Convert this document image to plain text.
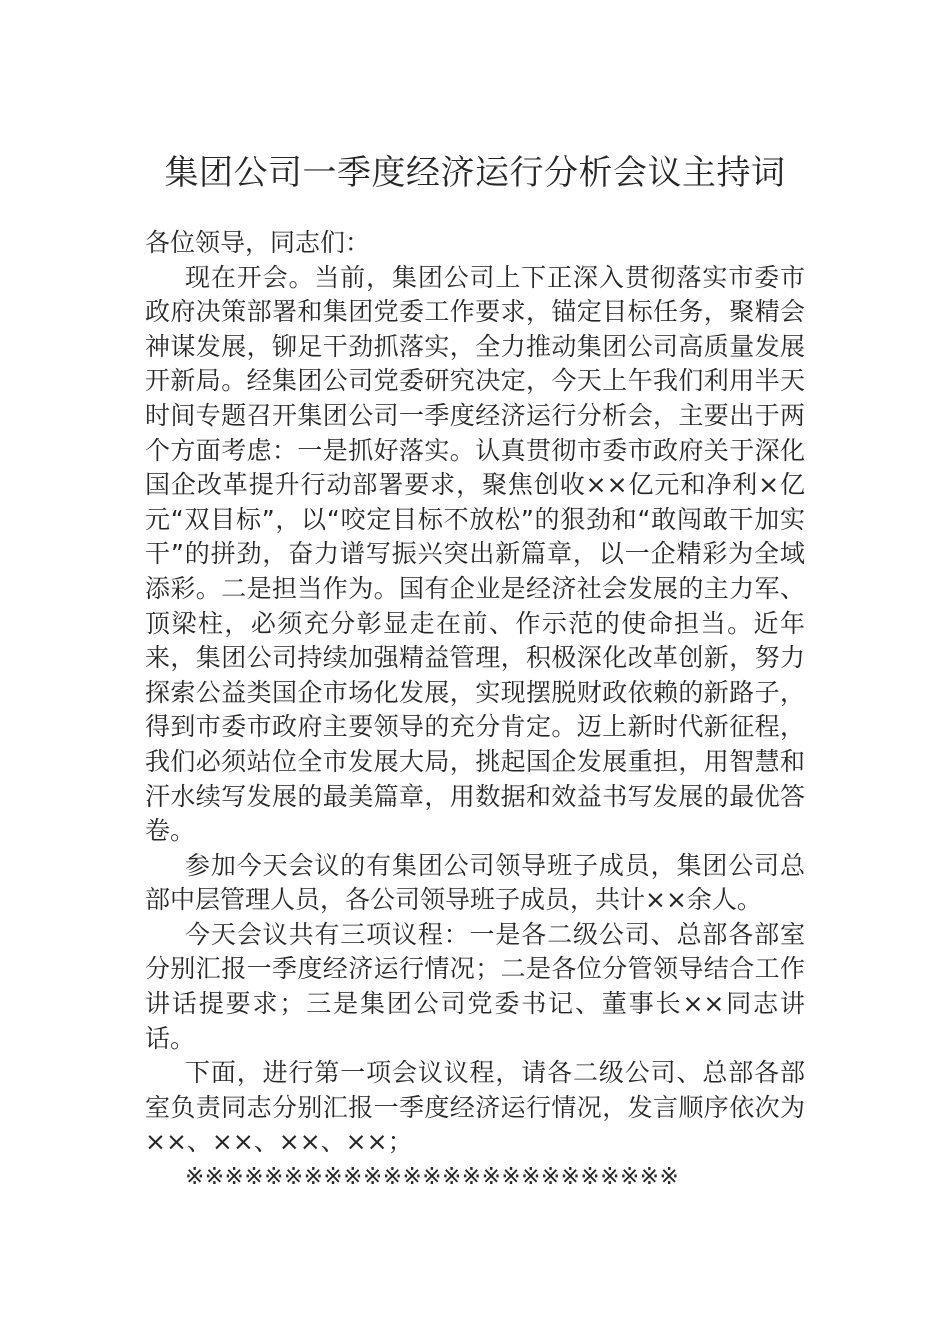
集团公司一季度经济运行分析会议主持词

各位领导，同志们：

现在开会。当前，集团公司上下正深入贯彻落实市委市政府决策部署和集团党委工作要求，锚定目标任务，聚精会神谋发展，铆足干劲抓落实，全力推动集团公司高质量发展开新局。经集团公司党委研究决定，今天上午我们利用半天时间专题召开集团公司一季度经济运行分析会，主要出于两个方面考虑：一是抓好落实。认真贯彻市委市政府关于深化国企改革提升行动部署要求，聚焦创收××亿元和净利×亿元“双目标”，以“咬定目标不放松”的狠劲和“敢闯敢干加实干”的拼劲，奋力谱写振兴突出新篇章，以一企精彩为全域添彩。二是担当作为。国有企业是经济社会发展的主力军、顶梁柱，必须充分彰显走在前、作示范的使命担当。近年来，集团公司持续加强精益管理，积极深化改革创新，努力探索公益类国企市场化发展，实现摆脱财政依赖的新路子，得到市委市政府主要领导的充分肯定。迈上新时代新征程，我们必须站位全市发展大局，挑起国企发展重担，用智慧和汗水续写发展的最美篇章，用数据和效益书写发展的最优答卷。

参加今天会议的有集团公司领导班子成员，集团公司总部中层管理人员，各公司领导班子成员，共计××余人。

今天会议共有三项议程：一是各二级公司、总部各部室分别汇报一季度经济运行情况；二是各位分管领导结合工作讲话提要求；三是集团公司党委书记、董事长××同志讲话。

下面，进行第一项会议议程，请各二级公司、总部各部室负责同志分别汇报一季度经济运行情况，发言顺序依次为××、××、××、××；

※※※※※※※※※※※※※※※※※※※※※※※※※
